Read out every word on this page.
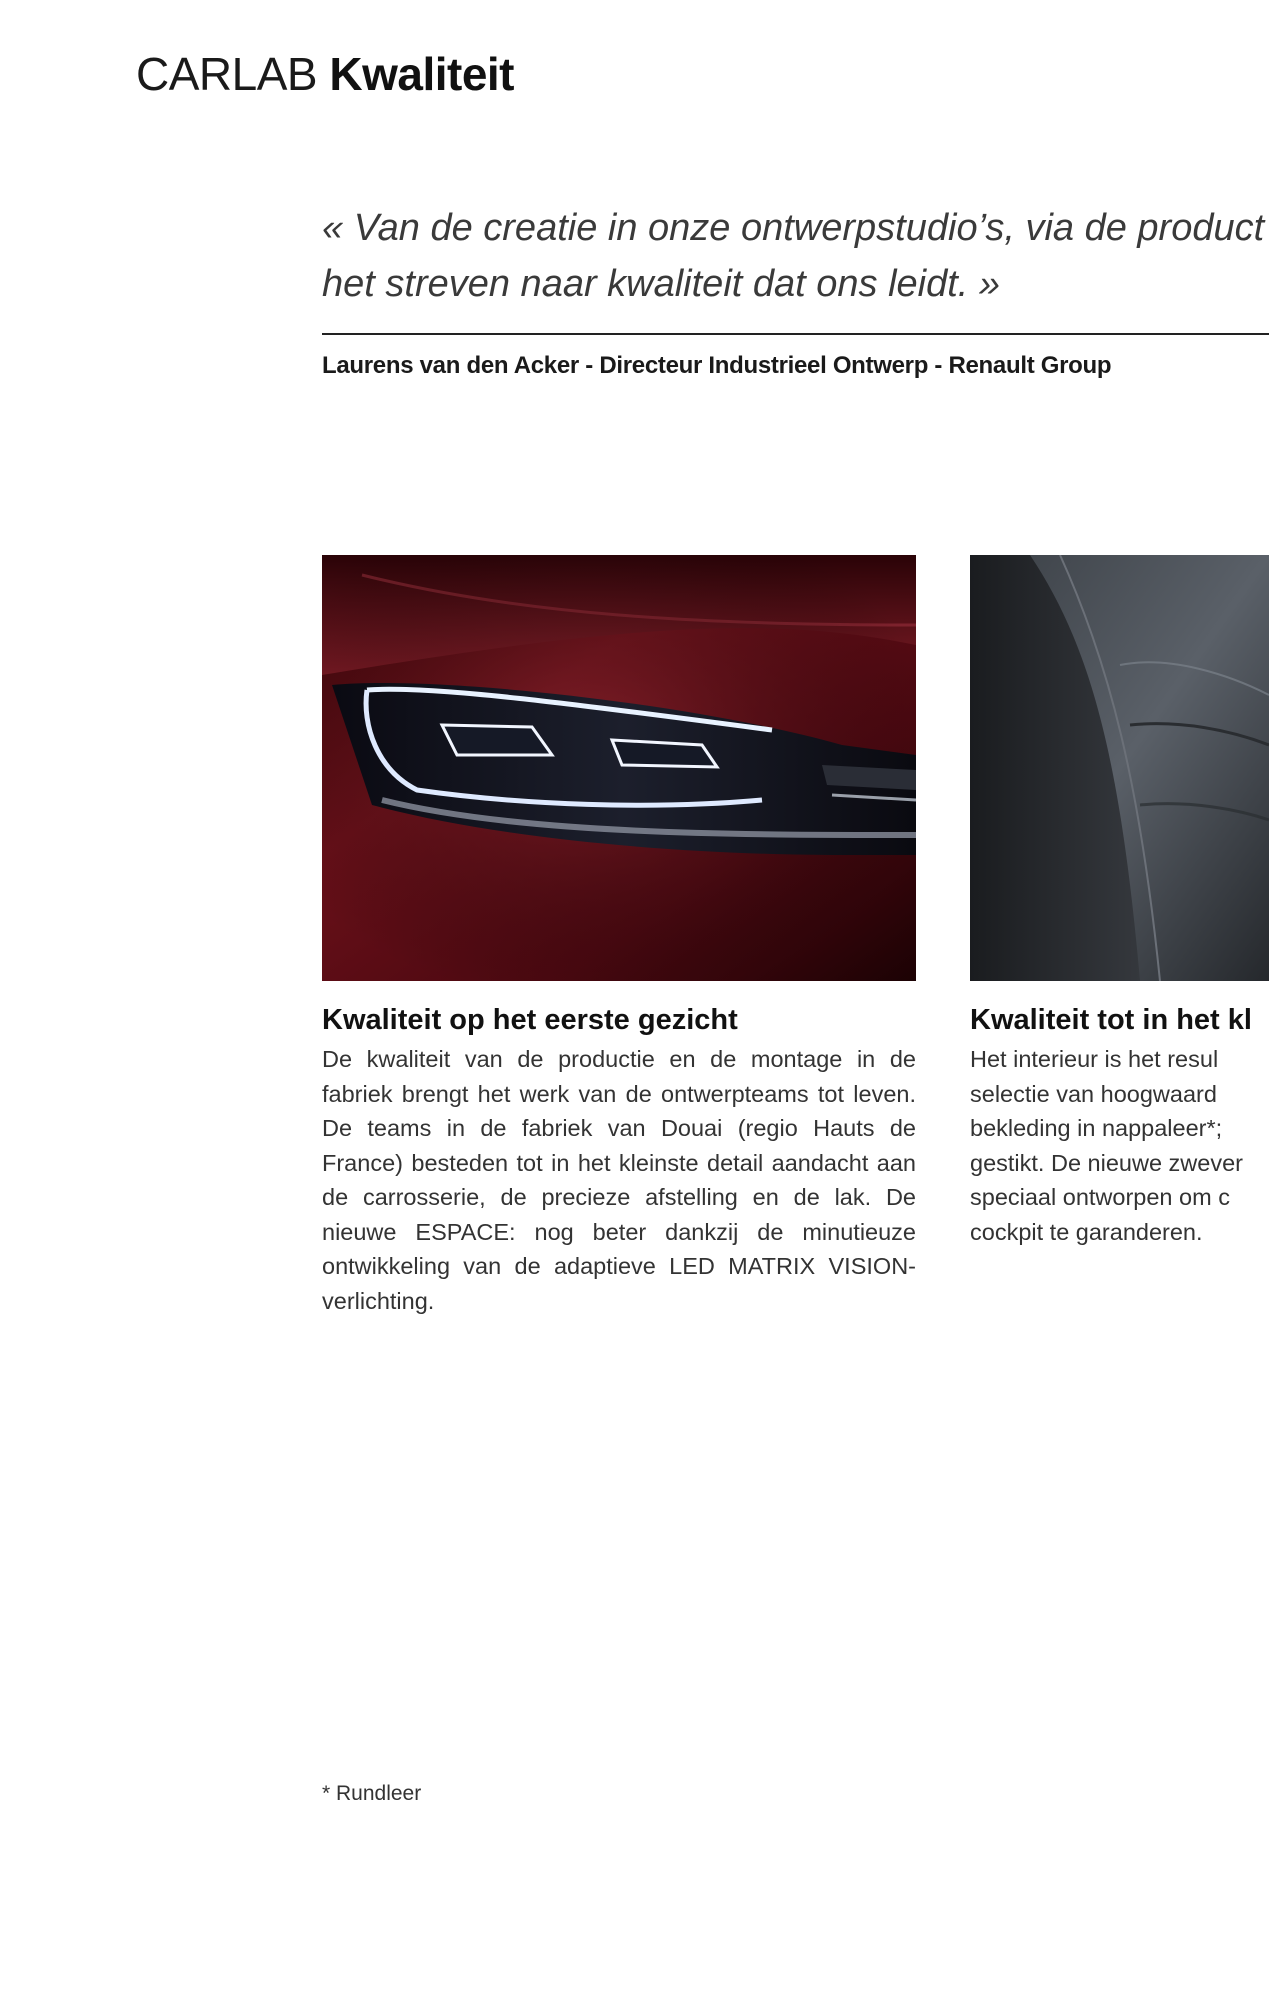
CARLAB Kwaliteit
« Van de creatie in onze ontwerpstudio’s, via de product
het streven naar kwaliteit dat ons leidt. »
Laurens van den Acker - Directeur Industrieel Ontwerp - Renault Group
Kwaliteit op het eerste gezicht

De kwaliteit van de productie en de montage in de fabriek brengt het werk van de ontwerpteams tot leven. De teams in de fabriek van Douai (regio Hauts de France) besteden tot in het kleinste detail aandacht aan de carrosserie, de precieze afstelling en de lak. De nieuwe ESPACE: nog beter dankzij de minutieuze ontwikkeling van de adaptieve LED MATRIX VISION-verlichting.

Kwaliteit tot in het kl

Het interieur is het resul
selectie van hoogwaard
bekleding in nappaleer*;
gestikt. De nieuwe zwever
speciaal ontworpen om c
cockpit te garanderen.

* Rundleer
